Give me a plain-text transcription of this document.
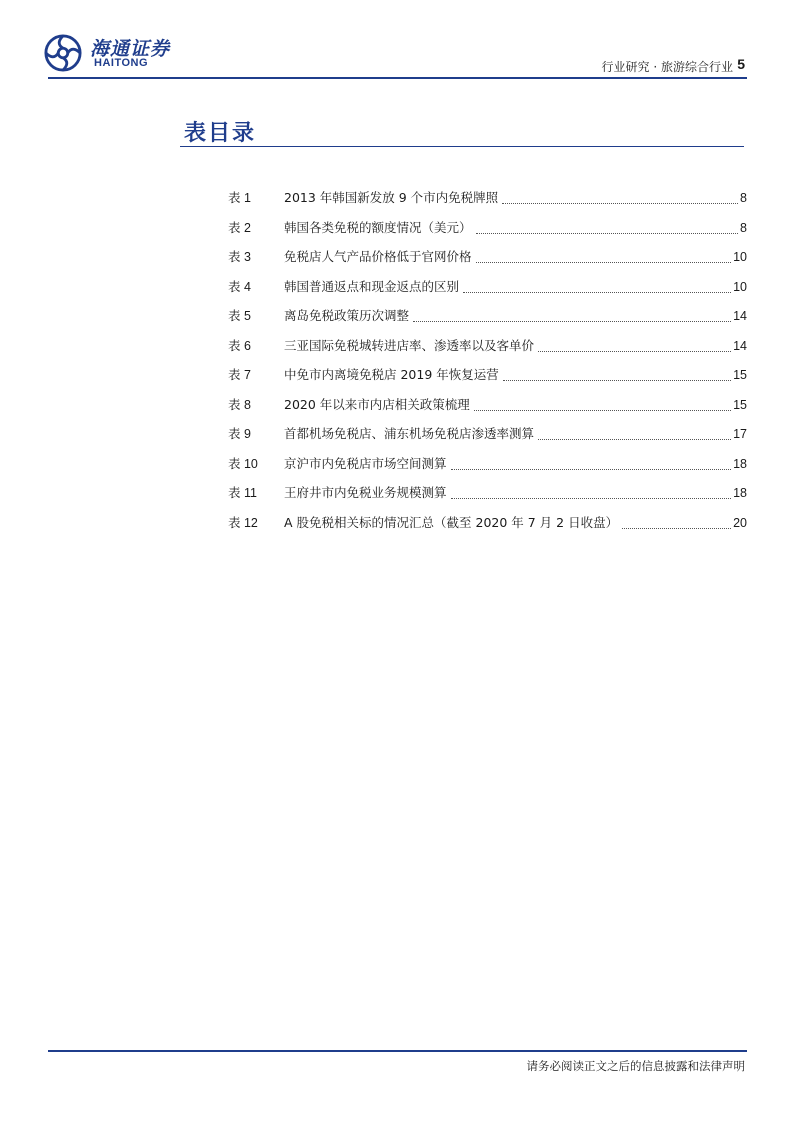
海通证券
HAITONG	行业研究 · 旅游综合行业 5
表目录
表 1	2013 年韩国新发放 9 个市内免税牌照	8
表 2	韩国各类免税的额度情况（美元）	8
表 3	免税店人气产品价格低于官网价格	10
表 4	韩国普通返点和现金返点的区别	10
表 5	离岛免税政策历次调整	14
表 6	三亚国际免税城转进店率、渗透率以及客单价	14
表 7	中免市内离境免税店 2019 年恢复运营	15
表 8	2020 年以来市内店相关政策梳理	15
表 9	首都机场免税店、浦东机场免税店渗透率测算	17
表 10	京沪市内免税店市场空间测算	18
表 11	王府井市内免税业务规模测算	18
表 12	A 股免税相关标的情况汇总（截至 2020 年 7 月 2 日收盘）	20
请务必阅读正文之后的信息披露和法律声明
